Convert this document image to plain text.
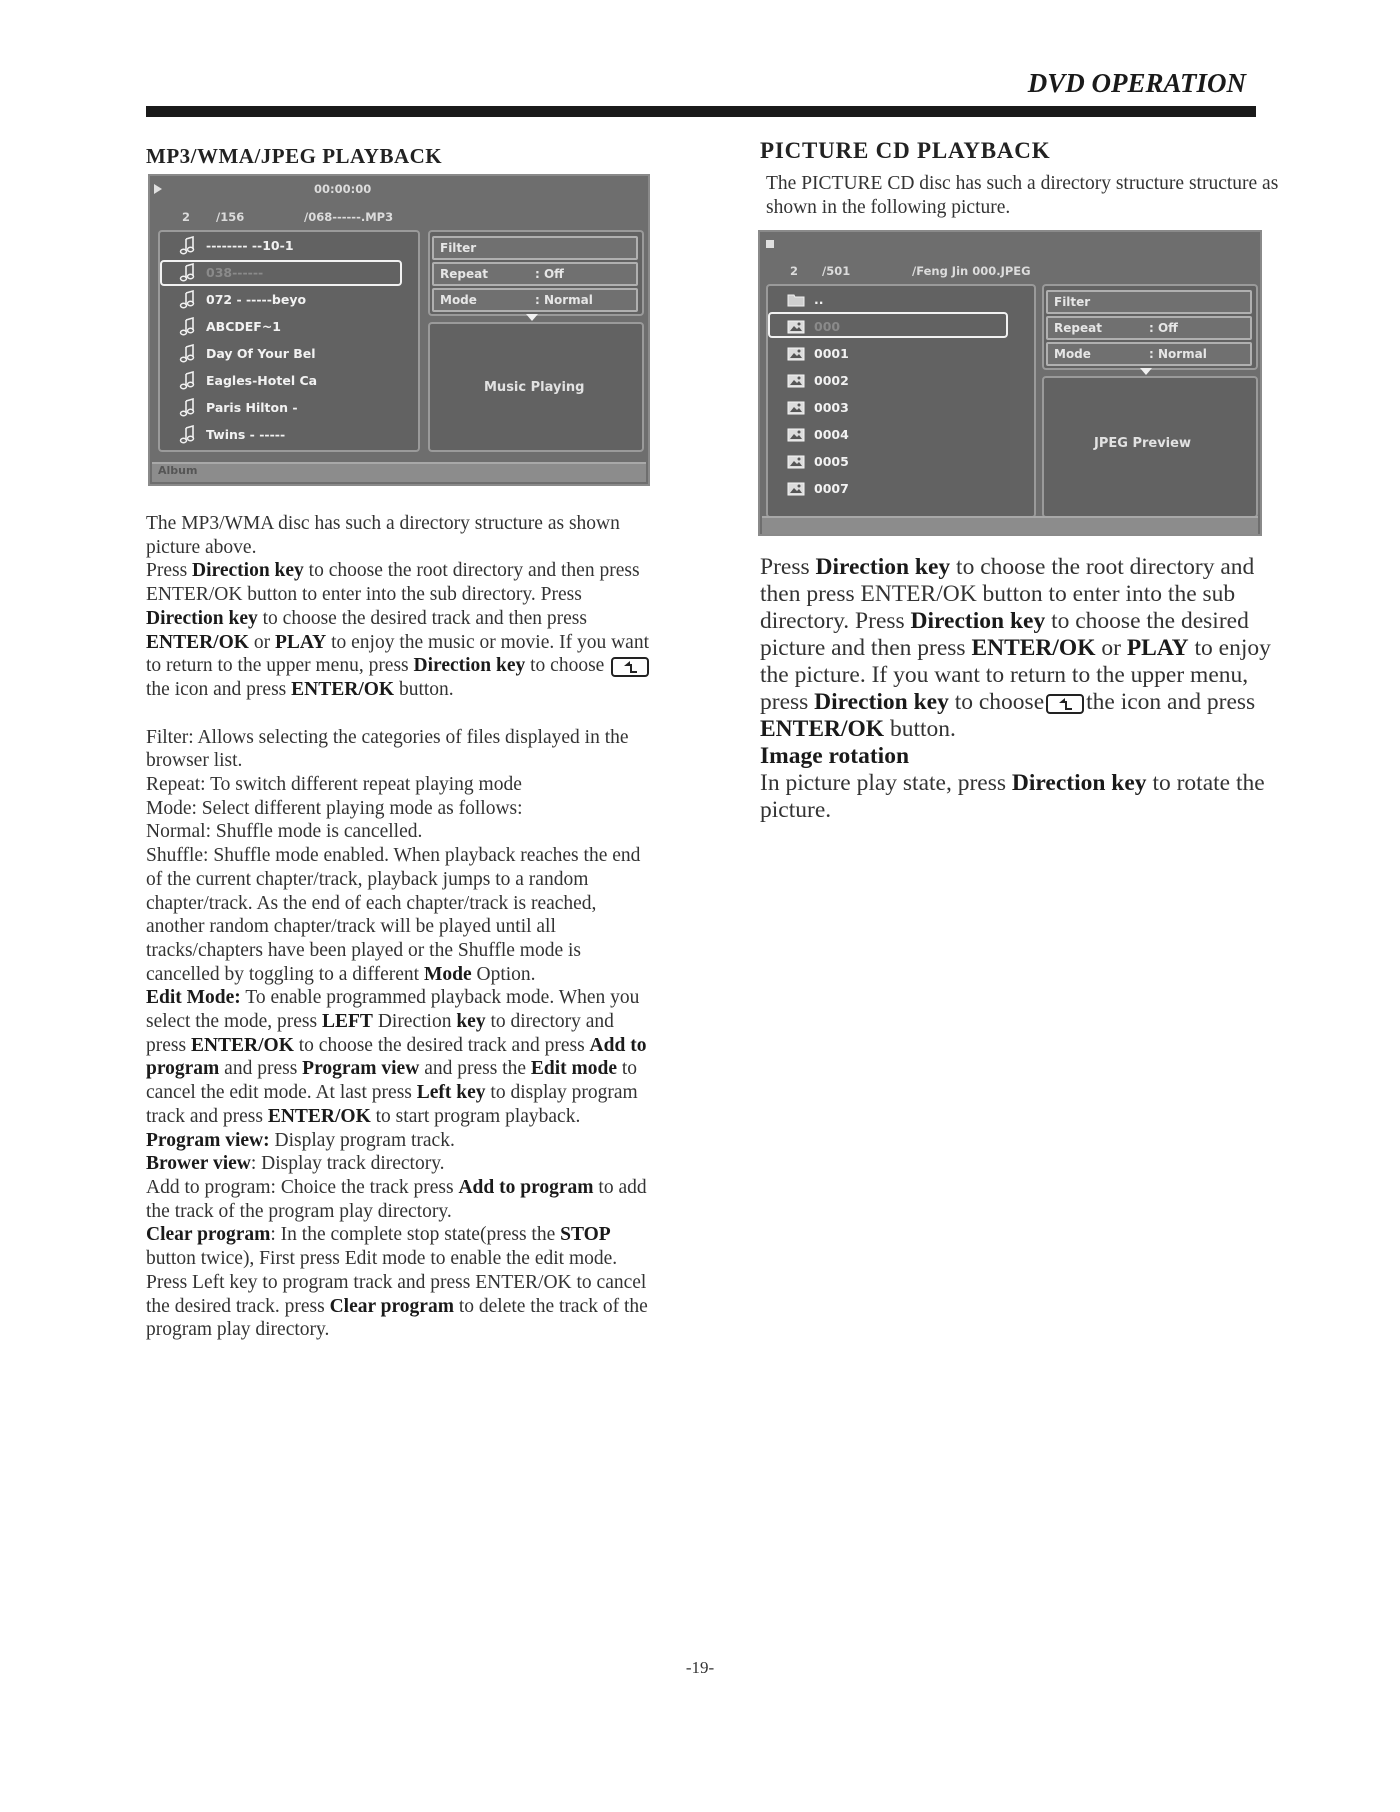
DVD OPERATION
MP3/WMA/JPEG PLAYBACK
00:00:00
2 /156	/068------.MP3
-------- --10-1
038------
072 - -----beyo
ABCDEF~1
Day Of Your Bel
Eagles-Hotel Ca
Paris Hilton -
Twins - -----
Filter
Repeat	: Off
Mode	: Normal
Music Playing
Album

The MP3/WMA disc has such a directory structure as shown picture above.

Press Direction key to choose the root directory and then press ENTER/OK button to enter into the sub directory. Press Direction key to choose the desired track and then press ENTER/OK or PLAY to enjoy the music or movie. If you want to return to the upper menu, press Direction key to choose
the icon and press ENTER/OK button.

Filter: Allows selecting the categories of files displayed in the browser list.

Repeat: To switch different repeat playing mode

Mode: Select different playing mode as follows:

Normal: Shuffle mode is cancelled.

Shuffle: Shuffle mode enabled. When playback reaches the end of the current chapter/track, playback jumps to a random chapter/track. As the end of each chapter/track is reached, another random chapter/track will be played until all tracks/chapters have been played or the Shuffle mode is cancelled by toggling to a different Mode Option.

Edit Mode: To enable programmed playback mode. When you select the mode, press LEFT Direction key to directory and press ENTER/OK to choose the desired track and press Add to program and press Program view and press the Edit mode to cancel the edit mode. At last press Left key to display program track and press ENTER/OK to start program playback.

Program view: Display program track.

Brower view: Display track directory.

Add to program: Choice the track press Add to program to add the track of the program play directory.

Clear program: In the complete stop state(press the STOP button twice), First press Edit mode to enable the edit mode. Press Left key to program track and press ENTER/OK to cancel the desired track. press Clear program to delete the track of the program play directory.

PICTURE CD PLAYBACK

The PICTURE CD disc has such a directory structure structure as shown in the following picture.

2 /501	/Feng Jin 000.JPEG
..
000
0001
0002
0003
0004
0005
0007
Filter
Repeat	: Off
Mode	: Normal
JPEG Preview

Press Direction key to choose the root directory and then press ENTER/OK button to enter into the sub directory. Press Direction key to choose the desired picture and then press ENTER/OK or PLAY to enjoy the picture. If you want to return to the upper menu, press Direction key to choose the icon and press ENTER/OK button.

Image rotation

In picture play state, press Direction key to rotate the picture.

-19-
